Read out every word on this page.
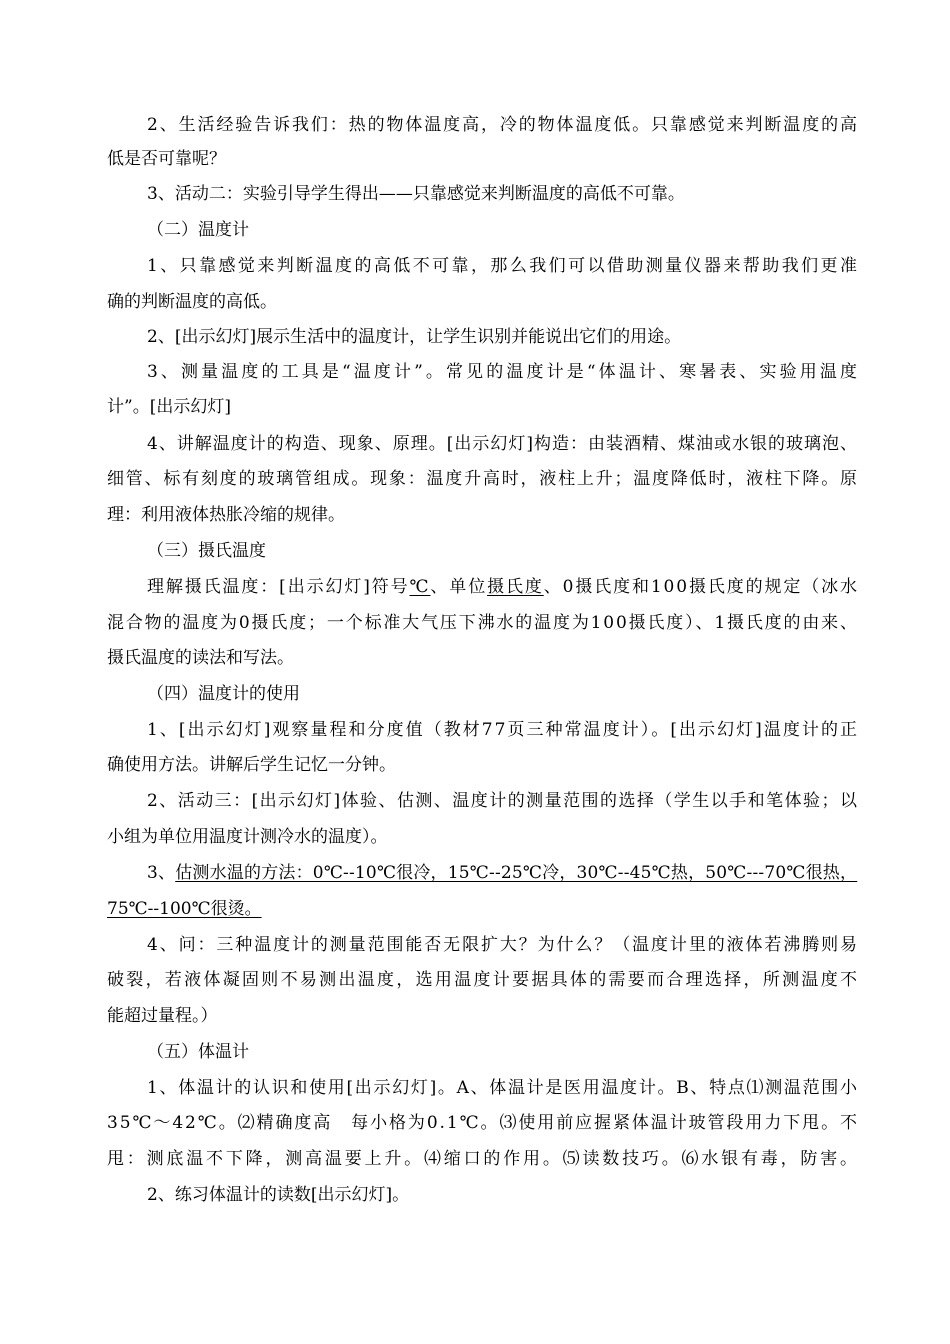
2、生活经验告诉我们：热的物体温度高，冷的物体温度低。只靠感觉来判断温度的高
低是否可靠呢？
3、活动二：实验引导学生得出——只靠感觉来判断温度的高低不可靠。
（二）温度计
1、只靠感觉来判断温度的高低不可靠，那么我们可以借助测量仪器来帮助我们更准
确的判断温度的高低。
2、[出示幻灯]展示生活中的温度计，让学生识别并能说出它们的用途。
3、测量温度的工具是“温度计”。常见的温度计是“体温计、寒暑表、实验用温度
计”。[出示幻灯]
4、讲解温度计的构造、现象、原理。[出示幻灯]构造：由装酒精、煤油或水银的玻璃泡、
细管、标有刻度的玻璃管组成。现象：温度升高时，液柱上升；温度降低时，液柱下降。原
理：利用液体热胀冷缩的规律。
（三）摄氏温度
理解摄氏温度：[出示幻灯]符号℃、单位摄氏度、0摄氏度和100摄氏度的规定（冰水
混合物的温度为0摄氏度；一个标准大气压下沸水的温度为100摄氏度）、1摄氏度的由来、
摄氏温度的读法和写法。
（四）温度计的使用
1、[出示幻灯]观察量程和分度值（教材77页三种常温度计）。[出示幻灯]温度计的正
确使用方法。讲解后学生记忆一分钟。
2、活动三：[出示幻灯]体验、估测、温度计的测量范围的选择（学生以手和笔体验；以
小组为单位用温度计测冷水的温度）。
3、估测水温的方法：0℃--10℃很冷，15℃--25℃冷，30℃--45℃热，50℃---70℃很热，
75℃--100℃很烫。
4、问：三种温度计的测量范围能否无限扩大？为什么？（温度计里的液体若沸腾则易
破裂，若液体凝固则不易测出温度，选用温度计要据具体的需要而合理选择，所测温度不
能超过量程。）
（五）体温计
1、体温计的认识和使用[出示幻灯]。A、体温计是医用温度计。B、特点⑴测温范围小
35℃～42℃。⑵精确度高　每小格为0.1℃。⑶使用前应握紧体温计玻管段用力下甩。不
甩：测底温不下降，测高温要上升。⑷缩口的作用。⑸读数技巧。⑹水银有毒，防害。
2、练习体温计的读数[出示幻灯]。
